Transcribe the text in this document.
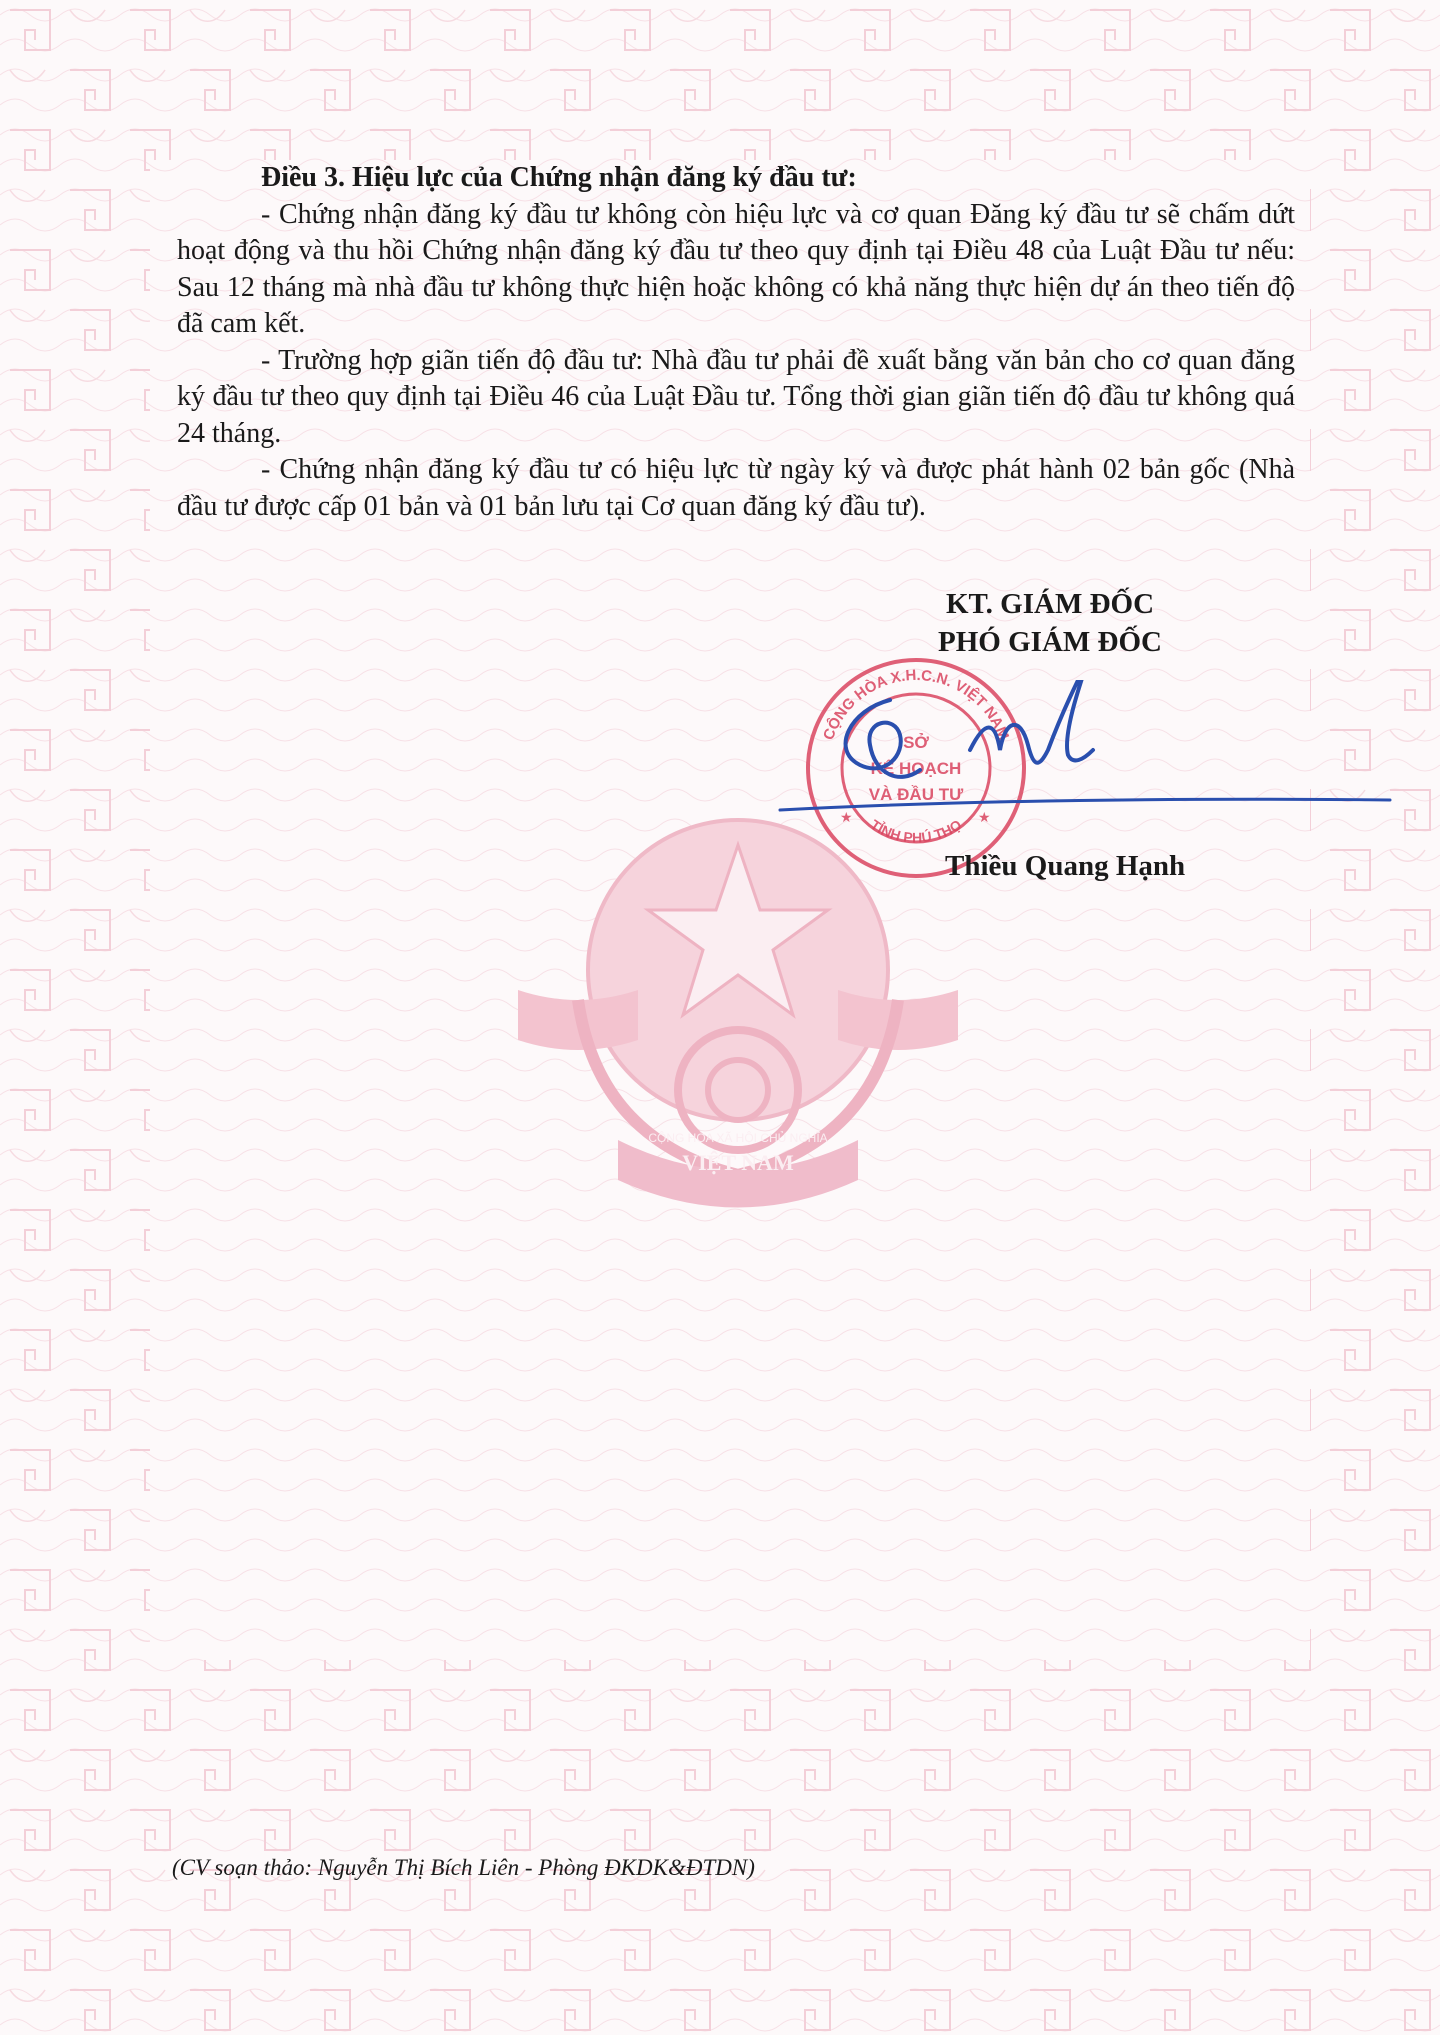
CỘNG HÒA XÃ HỘI CHỦ NGHĨA
VIỆT NAM

Điều 3. Hiệu lực của Chứng nhận đăng ký đầu tư:

- Chứng nhận đăng ký đầu tư không còn hiệu lực và cơ quan Đăng ký đầu tư sẽ chấm dứt hoạt động và thu hồi Chứng nhận đăng ký đầu tư theo quy định tại Điều 48 của Luật Đầu tư nếu: Sau 12 tháng mà nhà đầu tư không thực hiện hoặc không có khả năng thực hiện dự án theo tiến độ đã cam kết.

- Trường hợp giãn tiến độ đầu tư: Nhà đầu tư phải đề xuất bằng văn bản cho cơ quan đăng ký đầu tư theo quy định tại Điều 46 của Luật Đầu tư. Tổng thời gian giãn tiến độ đầu tư không quá 24 tháng.

- Chứng nhận đăng ký đầu tư có hiệu lực từ ngày ký và được phát hành 02 bản gốc (Nhà đầu tư được cấp 01 bản và 01 bản lưu tại Cơ quan đăng ký đầu tư).

KT. GIÁM ĐỐC
PHÓ GIÁM ĐỐC
CỘNG HÒA X.H.C.N. VIỆT NAM
TỈNH PHÚ THỌ
SỞ
KẾ HOẠCH
VÀ ĐẦU TƯ
★	★
Thiều Quang Hạnh
(CV soạn thảo: Nguyễn Thị Bích Liên - Phòng ĐKDK&ĐTDN)
